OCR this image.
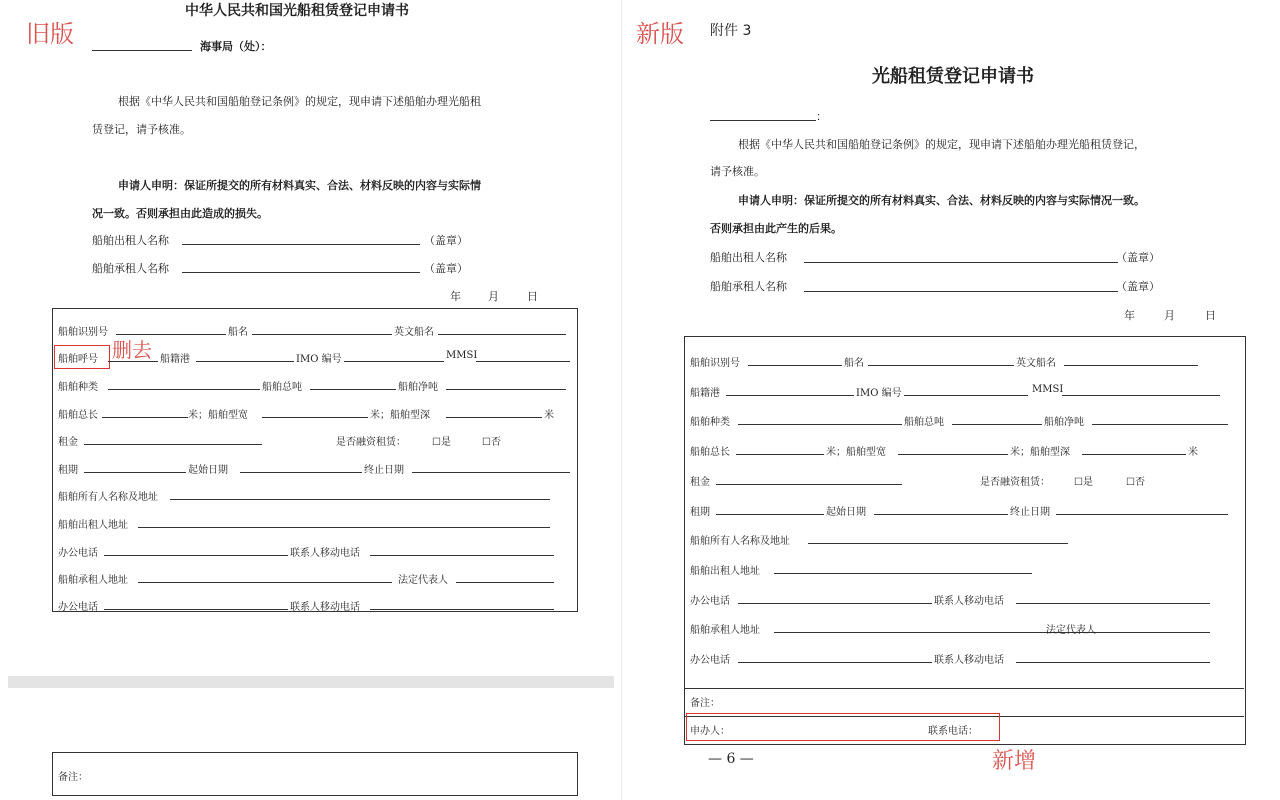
旧版	新版
删去
新增
中华人民共和国光船租赁登记申请书
海事局（处）：
根据《中华人民共和国船舶登记条例》的规定，现申请下述船舶办理光船租
赁登记，请予核准。
申请人申明：保证所提交的所有材料真实、合法、材料反映的内容与实际情
况一致。否则承担由此造成的损失。
船舶出租人名称	（盖章）
船舶承租人名称	（盖章）
年 月	日
船舶识别号	船名	英文船名
船舶呼号	船籍港	IMO 编号	MMSI
船舶种类	船舶总吨	船舶净吨
船舶总长	米；船舶型宽	米；船舶型深	米
租金	是否融资租赁：	☐是	☐否
租期	起始日期	终止日期
船舶所有人名称及地址
船舶出租人地址
办公电话	联系人移动电话
船舶承租人地址	法定代表人
办公电话	联系人移动电话
备注：
附件 3
光船租赁登记申请书
：
根据《中华人民共和国船舶登记条例》的规定，现申请下述船舶办理光船租赁登记，
请予核准。
申请人申明：保证所提交的所有材料真实、合法、材料反映的内容与实际情况一致。
否则承担由此产生的后果。
船舶出租人名称	（盖章）
船舶承租人名称	（盖章）
年	月	日
船舶识别号	船名	英文船名
船籍港	IMO 编号	MMSI
船舶种类	船舶总吨	船舶净吨
船舶总长	米；船舶型宽	米；船舶型深	米
租金	是否融资租赁： ☐是	☐否
租期	起始日期	终止日期
船舶所有人名称及地址
船舶出租人地址
办公电话	联系人移动电话
船舶承租人地址	法定代表人
办公电话	联系人移动电话
备注：
申办人：	联系电话：
— 6 —
